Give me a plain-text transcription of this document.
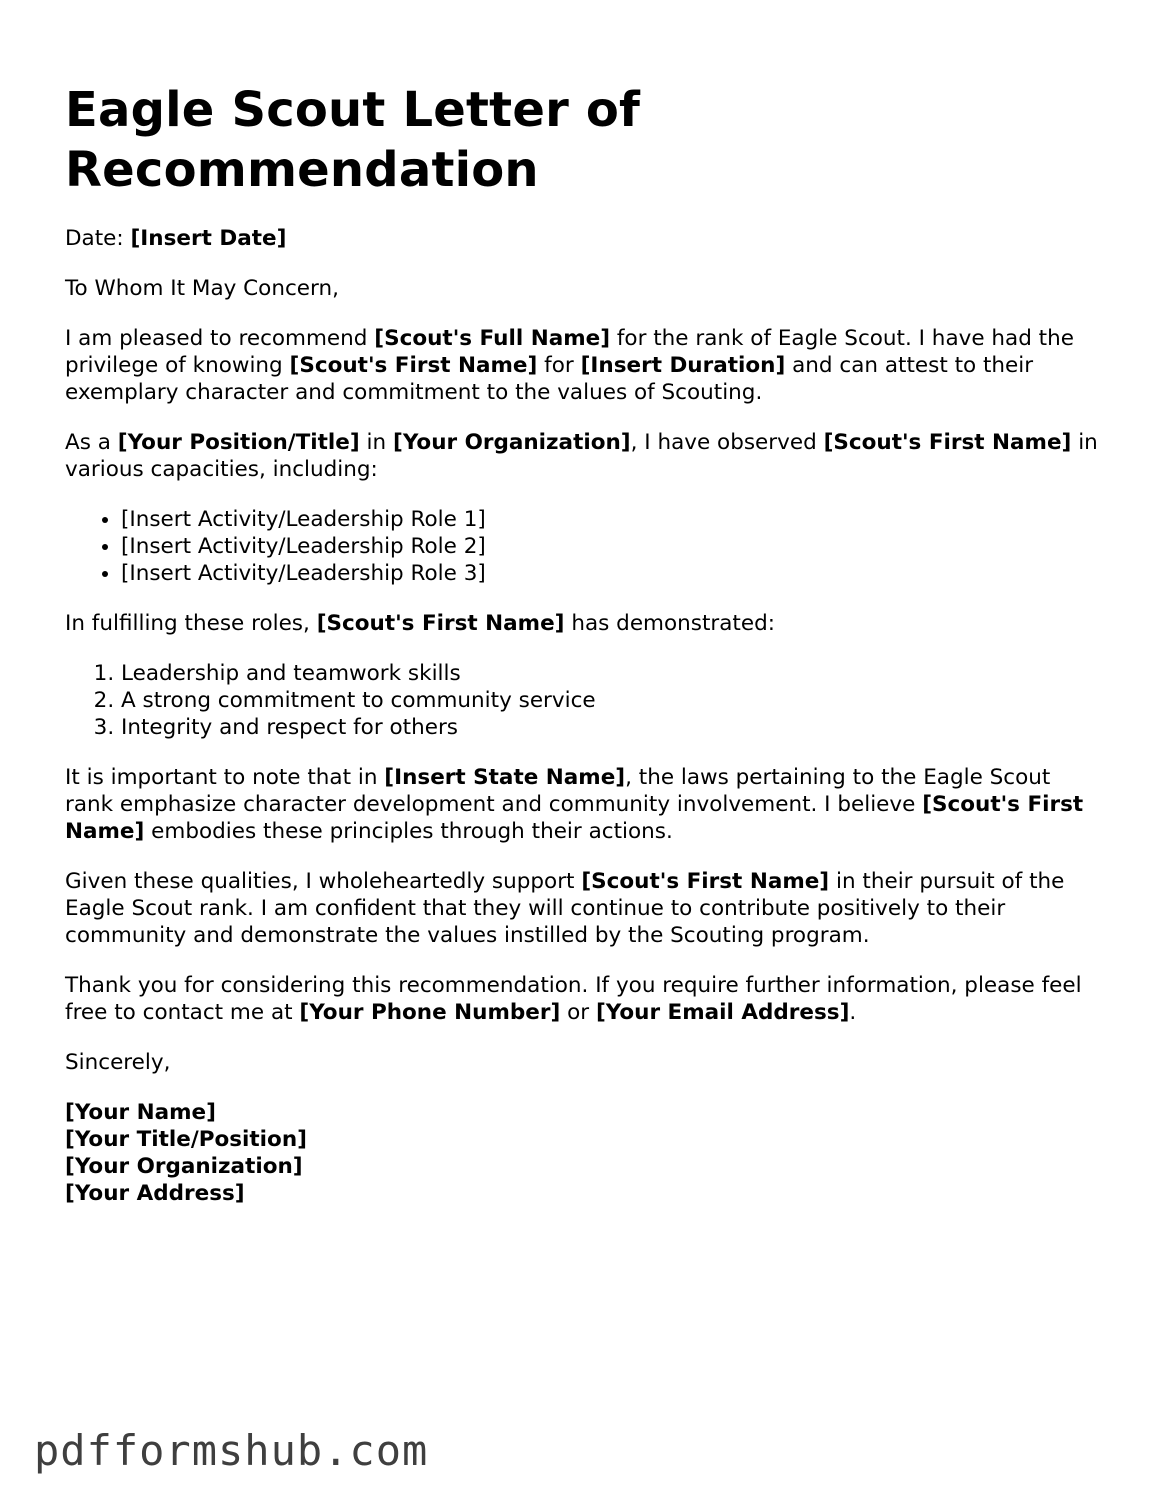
Eagle Scout Letter of Recommendation

Date: [Insert Date]

To Whom It May Concern,

I am pleased to recommend [Scout's Full Name] for the rank of Eagle Scout. I have had the privilege of knowing [Scout's First Name] for [Insert Duration] and can attest to their exemplary character and commitment to the values of Scouting.

As a [Your Position/Title] in [Your Organization], I have observed [Scout's First Name] in various capacities, including:

• [Insert Activity/Leadership Role 1]
• [Insert Activity/Leadership Role 2]
• [Insert Activity/Leadership Role 3]

In fulfilling these roles, [Scout's First Name] has demonstrated:

1. Leadership and teamwork skills
2. A strong commitment to community service
3. Integrity and respect for others

It is important to note that in [Insert State Name], the laws pertaining to the Eagle Scout rank emphasize character development and community involvement. I believe [Scout's First Name] embodies these principles through their actions.

Given these qualities, I wholeheartedly support [Scout's First Name] in their pursuit of the Eagle Scout rank. I am confident that they will continue to contribute positively to their community and demonstrate the values instilled by the Scouting program.

Thank you for considering this recommendation. If you require further information, please feel free to contact me at [Your Phone Number] or [Your Email Address].

Sincerely,

[Your Name]
[Your Title/Position]
[Your Organization]
[Your Address]

pdfformshub.com
